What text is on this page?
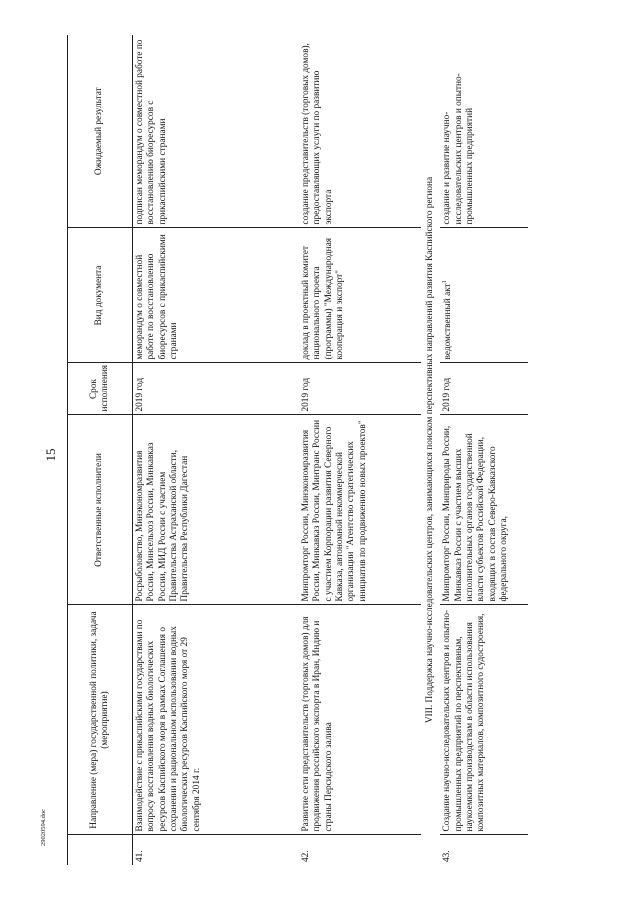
15
29020594.doc
		Направление (мера) государственной политики, задача (мероприятие)	Ответственные исполнители	Срок исполнения	Вид документа	Ожидаемый результат
41.	Взаимодействие с прикаспийскими государствами по вопросу восстановления водных биологических ресурсов Каспийского моря в рамках Соглашения о сохранении и рациональном использовании водных биологических ресурсов Каспийского моря от 29 сентября 2014 г.	Росрыболовство, Минэкономразвития России, Минсельхоз России, Минкавказ России, МИД России с участием Правительства Астраханской области, Правительства Республики Дагестан	2019 год	меморандум о совместной работе по восстановлению биоресурсов с прикаспийскими странами	подписан меморандум о совместной работе по восстановлению биоресурсов с прикаспийскими странами
42.	Развитие сети представительств (торговых домов) для продвижения российского экспорта в Иран, Индию и страны Персидского залива	Минпромторг России, Минэкономразвития России, Минкавказ России, Минтранс России с участием Корпорации развития Северного Кавказа, автономной некоммерческой организации "Агентство стратегических инициатив по продвижению новых проектов"	2019 год	доклад в проектный комитет национального проекта (программы) "Международная кооперация и экспорт"	создание представительств (торговых домов), предоставляющих услуги по развитию экспорта
VIII. Поддержка научно-исследовательских центров, занимающихся поиском перспективных направлений развития Каспийского региона					
43.	Создание научно-исследовательских центров и опытно-промышленных предприятий по перспективным, наукоемким производствам в области использования композитных материалов, композитного судостроения,	Минпромторг России, Минприроды России, Минкавказ России с участием высших исполнительных органов государственной власти субъектов Российской Федерации, входящих в состав Северо-Кавказского федерального округа,	2019 год	ведомственный акт$^1$	создание и развитие научно-исследовательских центров и опытно-промышленных предприятий
